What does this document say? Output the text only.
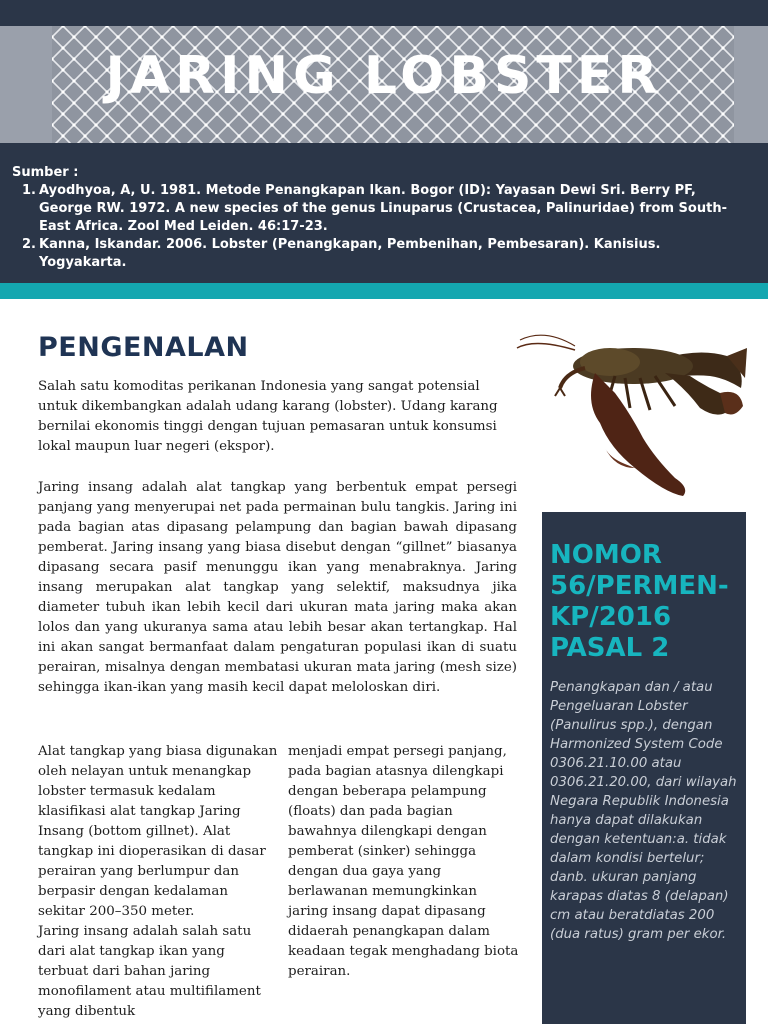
JARING LOBSTER
Sumber :
1. Ayodhyoa, A, U. 1981. Metode Penangkapan Ikan. Bogor (ID): Yayasan Dewi Sri. Berry PF, George RW. 1972. A new species of the genus Linuparus (Crustacea, Palinuridae) from South-East Africa. Zool Med Leiden. 46:17-23.
2. Kanna, Iskandar. 2006. Lobster (Penangkapan, Pembenihan, Pembesaran). Kanisius. Yogyakarta.
PENGENALAN
Salah satu komoditas perikanan Indonesia yang sangat potensial untuk dikembangkan adalah udang karang (lobster). Udang karang bernilai ekonomis tinggi dengan tujuan pemasaran untuk konsumsi lokal maupun luar negeri (ekspor).
Jaring insang adalah alat tangkap yang berbentuk empat persegi panjang yang menyerupai net pada permainan bulu tangkis. Jaring ini pada bagian atas dipasang pelampung dan bagian bawah dipasang pemberat. Jaring insang yang biasa disebut dengan “gillnet” biasanya dipasang secara pasif menunggu ikan yang menabraknya. Jaring insang merupakan alat tangkap yang selektif, maksudnya jika diameter tubuh ikan lebih kecil dari ukuran mata jaring maka akan lolos dan yang ukuranya sama atau lebih besar akan tertangkap. Hal ini akan sangat bermanfaat dalam pengaturan populasi ikan di suatu perairan, misalnya dengan membatasi ukuran mata jaring (mesh size) sehingga ikan-ikan yang masih kecil dapat meloloskan diri.

Alat tangkap yang biasa digunakan oleh nelayan untuk menangkap lobster termasuk kedalam klasifikasi alat tangkap Jaring Insang (bottom gillnet). Alat tangkap ini dioperasikan di dasar perairan yang berlumpur dan berpasir dengan kedalaman sekitar 200–350 meter.

Jaring insang adalah salah satu dari alat tangkap ikan yang terbuat dari bahan jaring monofilament atau multifilament yang dibentuk

menjadi empat persegi panjang, pada bagian atasnya dilengkapi dengan beberapa pelampung (floats) dan pada bagian bawahnya dilengkapi dengan pemberat (sinker) sehingga dengan dua gaya yang berlawanan memungkinkan jaring insang dapat dipasang didaerah penangkapan dalam keadaan tegak menghadang biota perairan.

NOMOR 56/PERMEN-KP/2016 PASAL 2
Penangkapan dan / atau Pengeluaran Lobster (Panulirus spp.), dengan Harmonized System Code 0306.21.10.00 atau 0306.21.20.00, dari wilayah Negara Republik Indonesia hanya dapat dilakukan dengan ketentuan:a. tidak dalam kondisi bertelur; danb. ukuran panjang karapas diatas 8 (delapan) cm atau beratdiatas 200 (dua ratus) gram per ekor.
